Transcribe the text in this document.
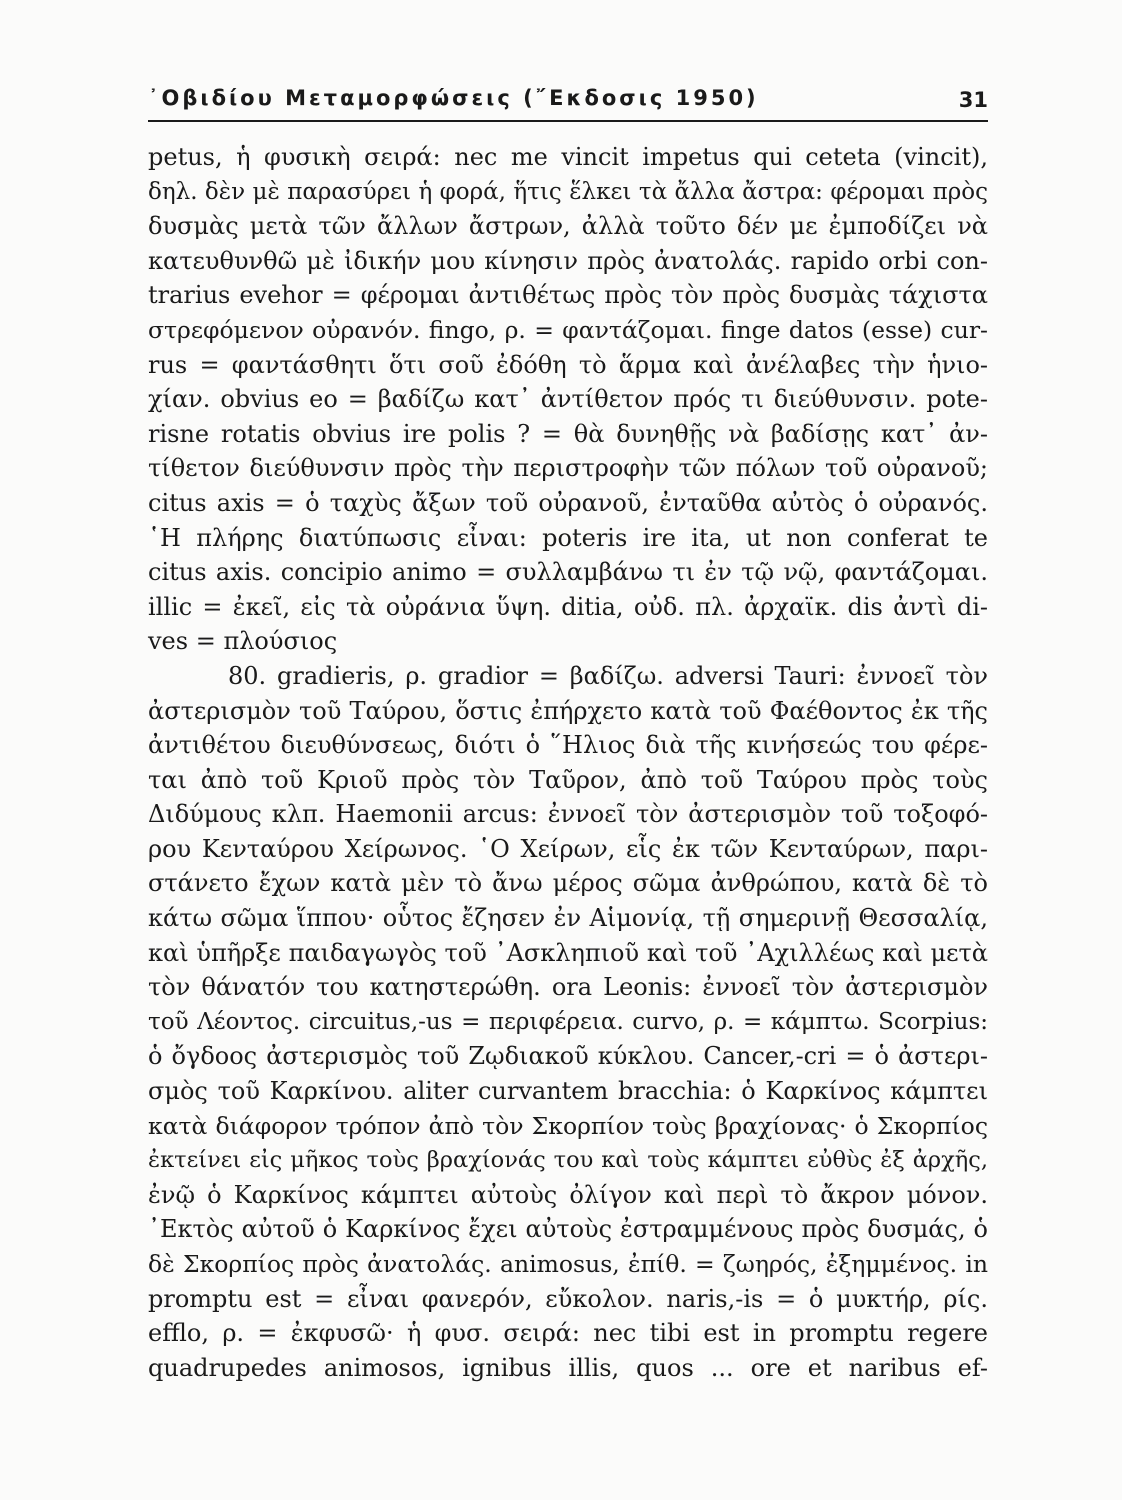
᾿Οβιδίου Μεταμορφώσεις (῎Εκδοσις 1950)	31
petus, ἡ φυσικὴ σειρά: nec me vincit impetus qui ceteta (vincit),
δηλ. δὲν μὲ παρασύρει ἡ φορά, ἥτις ἕλκει τὰ ἄλλα ἄστρα: φέρομαι πρὸς
δυσμὰς μετὰ τῶν ἄλλων ἄστρων, ἀλλὰ τοῦτο δέν με ἐμποδίζει νὰ
κατευθυνθῶ μὲ ἰδικήν μου κίνησιν πρὸς ἀνατολάς. rapido orbi con-
trarius evehor = φέρομαι ἀντιθέτως πρὸς τὸν πρὸς δυσμὰς τάχιστα
στρεφόμενον οὐρανόν. fingo, ρ. = φαντάζομαι. finge datos (esse) cur-
rus = φαντάσθητι ὅτι σοῦ ἐδόθη τὸ ἅρμα καὶ ἀνέλαβες τὴν ἡνιο-
χίαν. obvius eo = βαδίζω κατ᾿ ἀντίθετον πρός τι διεύθυνσιν. pote-
risne rotatis obvius ire polis ? = θὰ δυνηθῇς νὰ βαδίσῃς κατ᾿ ἀν-
τίθετον διεύθυνσιν πρὸς τὴν περιστροφὴν τῶν πόλων τοῦ οὐρανοῦ;
citus axis = ὁ ταχὺς ἄξων τοῦ οὐρανοῦ, ἐνταῦθα αὐτὸς ὁ οὐρανός.
῾Η πλήρης διατύπωσις εἶναι: poteris ire ita, ut non conferat te
citus axis. concipio animo = συλλαμβάνω τι ἐν τῷ νῷ, φαντάζομαι.
illic = ἐκεῖ, εἰς τὰ οὐράνια ὕψη. ditia, οὐδ. πλ. ἀρχαϊκ. dis ἀντὶ di-
ves = πλούσιος
80. gradieris, ρ. gradior = βαδίζω. adversi Tauri: ἐννοεῖ τὸν
ἀστερισμὸν τοῦ Ταύρου, ὅστις ἐπήρχετο κατὰ τοῦ Φαέθοντος ἐκ τῆς
ἀντιθέτου διευθύνσεως, διότι ὁ ῞Ηλιος διὰ τῆς κινήσεώς του φέρε-
ται ἀπὸ τοῦ Κριοῦ πρὸς τὸν Ταῦρον, ἀπὸ τοῦ Ταύρου πρὸς τοὺς
Διδύμους κλπ. Haemonii arcus: ἐννοεῖ τὸν ἀστερισμὸν τοῦ τοξοφό-
ρου Κενταύρου Χείρωνος. ῾Ο Χείρων, εἷς ἐκ τῶν Κενταύρων, παρι-
στάνετο ἔχων κατὰ μὲν τὸ ἄνω μέρος σῶμα ἀνθρώπου, κατὰ δὲ τὸ
κάτω σῶμα ἵππου· οὗτος ἔζησεν ἐν Αἱμονίᾳ, τῇ σημερινῇ Θεσσαλίᾳ,
καὶ ὑπῆρξε παιδαγωγὸς τοῦ ᾿Ασκληπιοῦ καὶ τοῦ ᾿Αχιλλέως καὶ μετὰ
τὸν θάνατόν του κατηστερώθη. ora Leonis: ἐννοεῖ τὸν ἀστερισμὸν
τοῦ Λέοντος. circuitus,-us = περιφέρεια. curvo, ρ. = κάμπτω. Scorpius:
ὁ ὄγδοος ἀστερισμὸς τοῦ Ζῳδιακοῦ κύκλου. Cancer,-cri = ὁ ἀστερι-
σμὸς τοῦ Καρκίνου. aliter curvantem bracchia: ὁ Καρκίνος κάμπτει
κατὰ διάφορον τρόπον ἀπὸ τὸν Σκορπίον τοὺς βραχίονας· ὁ Σκορπίος
ἐκτείνει εἰς μῆκος τοὺς βραχίονάς του καὶ τοὺς κάμπτει εὐθὺς ἐξ ἀρχῆς,
ἐνῷ ὁ Καρκίνος κάμπτει αὐτοὺς ὀλίγον καὶ περὶ τὸ ἄκρον μόνον.
᾿Εκτὸς αὐτοῦ ὁ Καρκίνος ἔχει αὐτοὺς ἐστραμμένους πρὸς δυσμάς, ὁ
δὲ Σκορπίος πρὸς ἀνατολάς. animosus, ἐπίθ. = ζωηρός, ἐξημμένος. in
promptu est = εἶναι φανερόν, εὔκολον. naris,-is = ὁ μυκτήρ, ρίς.
efflo, ρ. = ἐκφυσῶ· ἡ φυσ. σειρά: nec tibi est in promptu regere
quadrupedes animosos, ignibus illis, quos ... ore et naribus ef-
